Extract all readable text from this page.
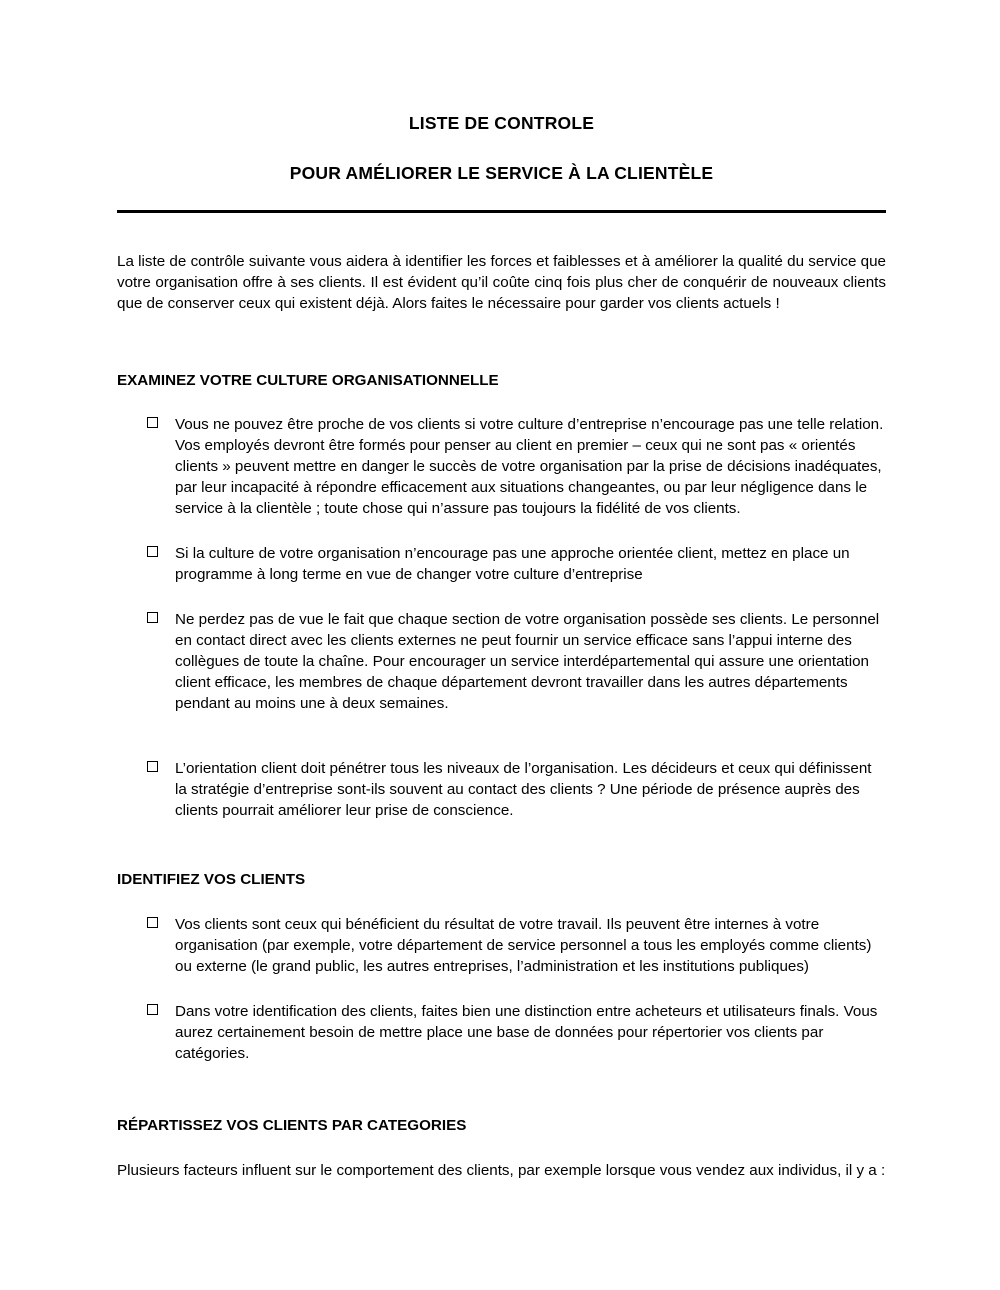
LISTE DE CONTROLE
POUR AMÉLIORER LE SERVICE À LA CLIENTÈLE

La liste de contrôle suivante vous aidera à identifier les forces et faiblesses et à améliorer la qualité du service que votre organisation offre à ses clients. Il est évident qu’il coûte cinq fois plus cher de conquérir de nouveaux clients que de conserver ceux qui existent déjà. Alors faites le nécessaire pour garder vos clients actuels !

EXAMINEZ VOTRE CULTURE ORGANISATIONNELLE
Vous ne pouvez être proche de vos clients si votre culture d’entreprise n’encourage pas une telle relation. Vos employés devront être formés pour penser au client en premier – ceux qui ne sont pas « orientés clients » peuvent mettre en danger le succès de votre organisation par la prise de décisions inadéquates, par leur incapacité à répondre efficacement aux situations changeantes, ou par leur négligence dans le service à la clientèle ; toute chose qui n’assure pas toujours la fidélité de vos clients.
Si la culture de votre organisation n’encourage pas une approche orientée client, mettez en place un programme à long terme en vue de changer votre culture d’entreprise
Ne perdez pas de vue le fait que chaque section de votre organisation possède ses clients. Le personnel en contact direct avec les clients externes ne peut fournir un service efficace sans l’appui interne des collègues de toute la chaîne. Pour encourager un service interdépartemental qui assure une orientation client efficace, les membres de chaque département devront travailler dans les autres départements pendant au moins une à deux semaines.
L’orientation client doit pénétrer tous les niveaux de l’organisation. Les décideurs et ceux qui définissent la stratégie d’entreprise sont-ils souvent au contact des clients ? Une période de présence auprès des clients pourrait améliorer leur prise de conscience.
IDENTIFIEZ VOS CLIENTS
Vos clients sont ceux qui bénéficient du résultat de votre travail. Ils peuvent être internes à votre organisation (par exemple, votre département de service personnel a tous les employés comme clients) ou externe (le grand public, les autres entreprises, l’administration et les institutions publiques)
Dans votre identification des clients, faites bien une distinction entre acheteurs et utilisateurs finals. Vous aurez certainement besoin de mettre place une base de données pour répertorier vos clients par catégories.
RÉPARTISSEZ VOS CLIENTS PAR CATEGORIES

Plusieurs facteurs influent sur le comportement des clients, par exemple lorsque vous vendez aux individus, il y a :
